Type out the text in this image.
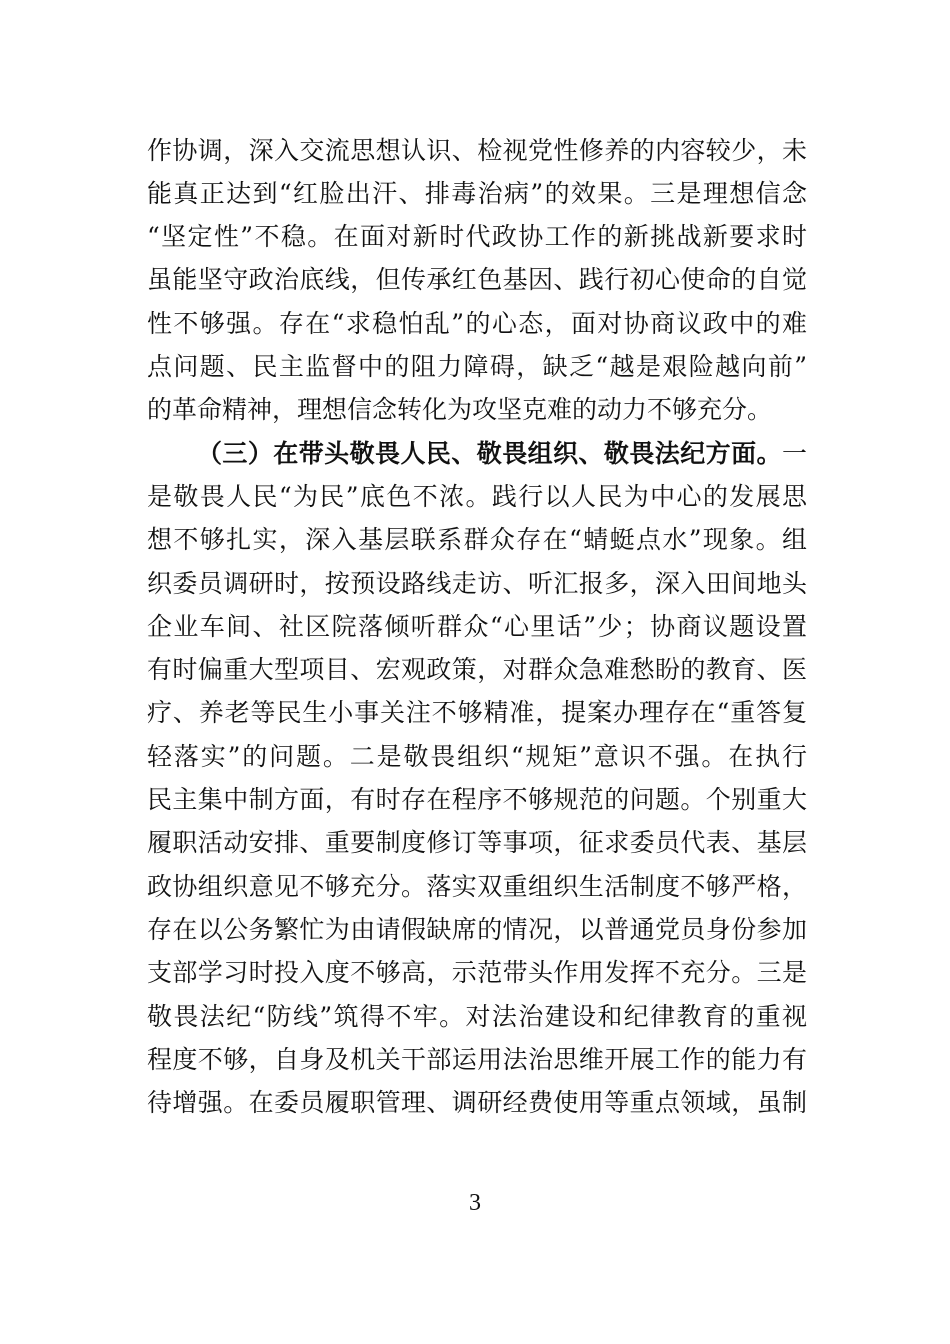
作协调，深入交流思想认识、检视党性修养的内容较少，未
能真正达到“红脸出汗、排毒治病”的效果。三是理想信念
“坚定性”不稳。在面对新时代政协工作的新挑战新要求时
虽能坚守政治底线，但传承红色基因、践行初心使命的自觉
性不够强。存在“求稳怕乱”的心态，面对协商议政中的难
点问题、民主监督中的阻力障碍，缺乏“越是艰险越向前”
的革命精神，理想信念转化为攻坚克难的动力不够充分。
（三）在带头敬畏人民、敬畏组织、敬畏法纪方面。一
是敬畏人民“为民”底色不浓。践行以人民为中心的发展思
想不够扎实，深入基层联系群众存在“蜻蜓点水”现象。组
织委员调研时，按预设路线走访、听汇报多，深入田间地头
企业车间、社区院落倾听群众“心里话”少；协商议题设置
有时偏重大型项目、宏观政策，对群众急难愁盼的教育、医
疗、养老等民生小事关注不够精准，提案办理存在“重答复
轻落实”的问题。二是敬畏组织“规矩”意识不强。在执行
民主集中制方面，有时存在程序不够规范的问题。个别重大
履职活动安排、重要制度修订等事项，征求委员代表、基层
政协组织意见不够充分。落实双重组织生活制度不够严格，
存在以公务繁忙为由请假缺席的情况，以普通党员身份参加
支部学习时投入度不够高，示范带头作用发挥不充分。三是
敬畏法纪“防线”筑得不牢。对法治建设和纪律教育的重视
程度不够，自身及机关干部运用法治思维开展工作的能力有
待增强。在委员履职管理、调研经费使用等重点领域，虽制
3
